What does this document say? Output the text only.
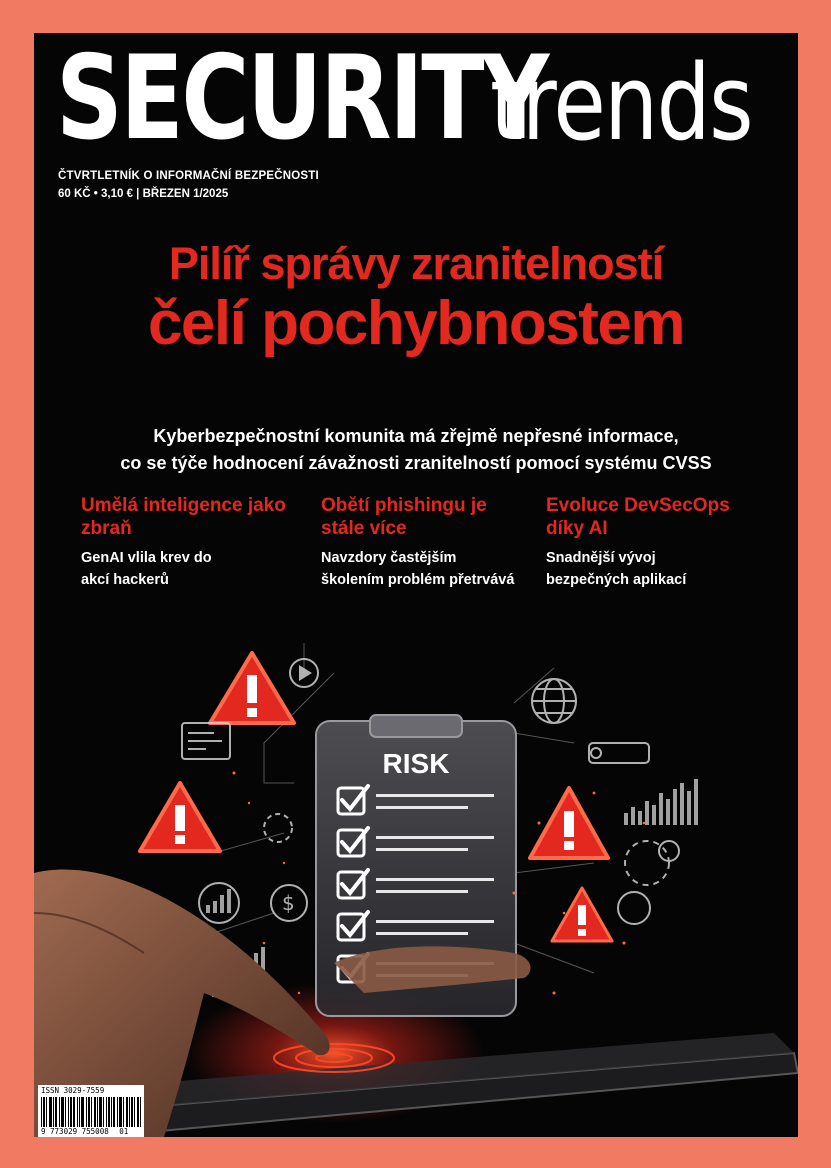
SECURITY
trends
ČTVRTLETNÍK O INFORMAČNÍ BEZPEČNOSTI
60 KČ • 3,10 € | BŘEZEN 1/2025
Pilíř správy zranitelností
čelí pochybnostem
Kyberbezpečnostní komunita má zřejmě nepřesné informace,
co se týče hodnocení závažnosti zranitelností pomocí systému CVSS
Umělá inteligence jako zbraň
GenAI vlila krev do akcí hackerů
Obětí phishingu je stále více
Navzdory častějším školením problém přetrvává
Evoluce DevSecOps díky AI
Snadnější vývoj bezpečných aplikací
$
RISK
ISSN 3029-7559
9 773029 755008 01
